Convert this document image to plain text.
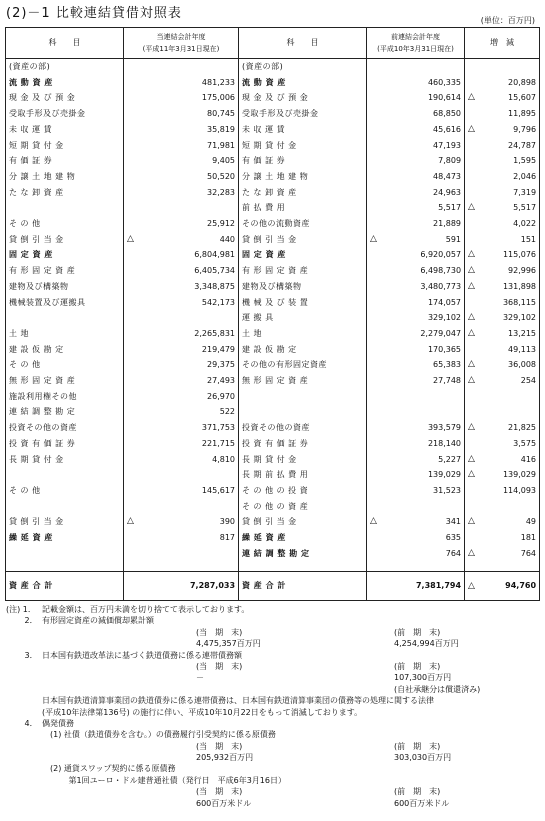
(2)－1 比較連結貸借対照表	(単位：百万円)
科　　目	当連結会計年度
(平成11年3月31日現在)		科　　目	前連結会計年度
(平成10年3月31日現在)		増　減	
(資産の部)			(資産の部)				
流 動 資 産		481,233	流 動 資 産		460,335		20,898
現 金 及 び 預 金		175,006	現 金 及 び 預 金		190,614	△	15,607
受取手形及び売掛金		80,745	受取手形及び売掛金		68,850		11,895
未 収 運 賃		35,819	未 収 運 賃		45,616	△	9,796
短 期 貸 付 金		71,981	短 期 貸 付 金		47,193		24,787
有 価 証 券		9,405	有 価 証 券		7,809		1,595
分 譲 土 地 建 物		50,520	分 譲 土 地 建 物		48,473		2,046
た な 卸 資 産		32,283	た な 卸 資 産		24,963		7,319
			前 払 費 用		5,517	△	5,517
そ の 他		25,912	その他の流動資産		21,889		4,022
貸 倒 引 当 金	△	440	貸 倒 引 当 金	△	591		151
固 定 資 産		6,804,981	固 定 資 産		6,920,057	△	115,076
有 形 固 定 資 産		6,405,734	有 形 固 定 資 産		6,498,730	△	92,996
建物及び構築物		3,348,875	建物及び構築物		3,480,773	△	131,898
機械装置及び運搬具		542,173	機 械 及 び 装 置		174,057		368,115
			運 搬 具		329,102	△	329,102
土 地		2,265,831	土 地		2,279,047	△	13,215
建 設 仮 勘 定		219,479	建 設 仮 勘 定		170,365		49,113
そ の 他		29,375	その他の有形固定資産		65,383	△	36,008
無 形 固 定 資 産		27,493	無 形 固 定 資 産		27,748	△	254
施設利用権その他		26,970					
連 結 調 整 勘 定		522					
投資その他の資産		371,753	投資その他の資産		393,579	△	21,825
投 資 有 価 証 券		221,715	投 資 有 価 証 券		218,140		3,575
長 期 貸 付 金		4,810	長 期 貸 付 金		5,227	△	416
			長 期 前 払 費 用		139,029	△	139,029
そ の 他		145,617	そ の 他 の 投 資		31,523		114,093
			そ の 他 の 資 産				
貸 倒 引 当 金	△	390	貸 倒 引 当 金	△	341	△	49
繰 延 資 産		817	繰 延 資 産		635		181
			連 結 調 整 勘 定		764	△	764

資 産 合 計		7,287,033	資 産 合 計		7,381,794	△	94,760
(注) 1． 記載金額は、百万円未満を切り捨てて表示しております。
　　 2． 有形固定資産の減価償却累計額
(当　期　末)	(前　期　末)
4,475,357百万円	4,254,994百万円
　　 3． 日本国有鉄道改革法に基づく鉄道債務に係る連帯債務額
(当　期　末)	(前　期　末)
－	107,300百万円
(自社承継分は償還済み)
日本国有鉄道清算事業団の鉄道債券に係る連帯債務は、日本国有鉄道清算事業団の債務等の処理に関する法律
(平成10年法律第136号) の施行に伴い、平成10年10月22日をもって消滅しております。
　　 4． 偶発債務
　(1) 社債（鉄道債券を含む。）の債務履行引受契約に係る原債務
(当　期　末)	(前　期　末)
205,932百万円	303,030百万円
　(2) 通貨スワップ契約に係る原債務
　　　 第1回ユーロ・ドル建普通社債（発行日　平成6年3月16日）
(当　期　末)	(前　期　末)
600百万米ドル	600百万米ドル
